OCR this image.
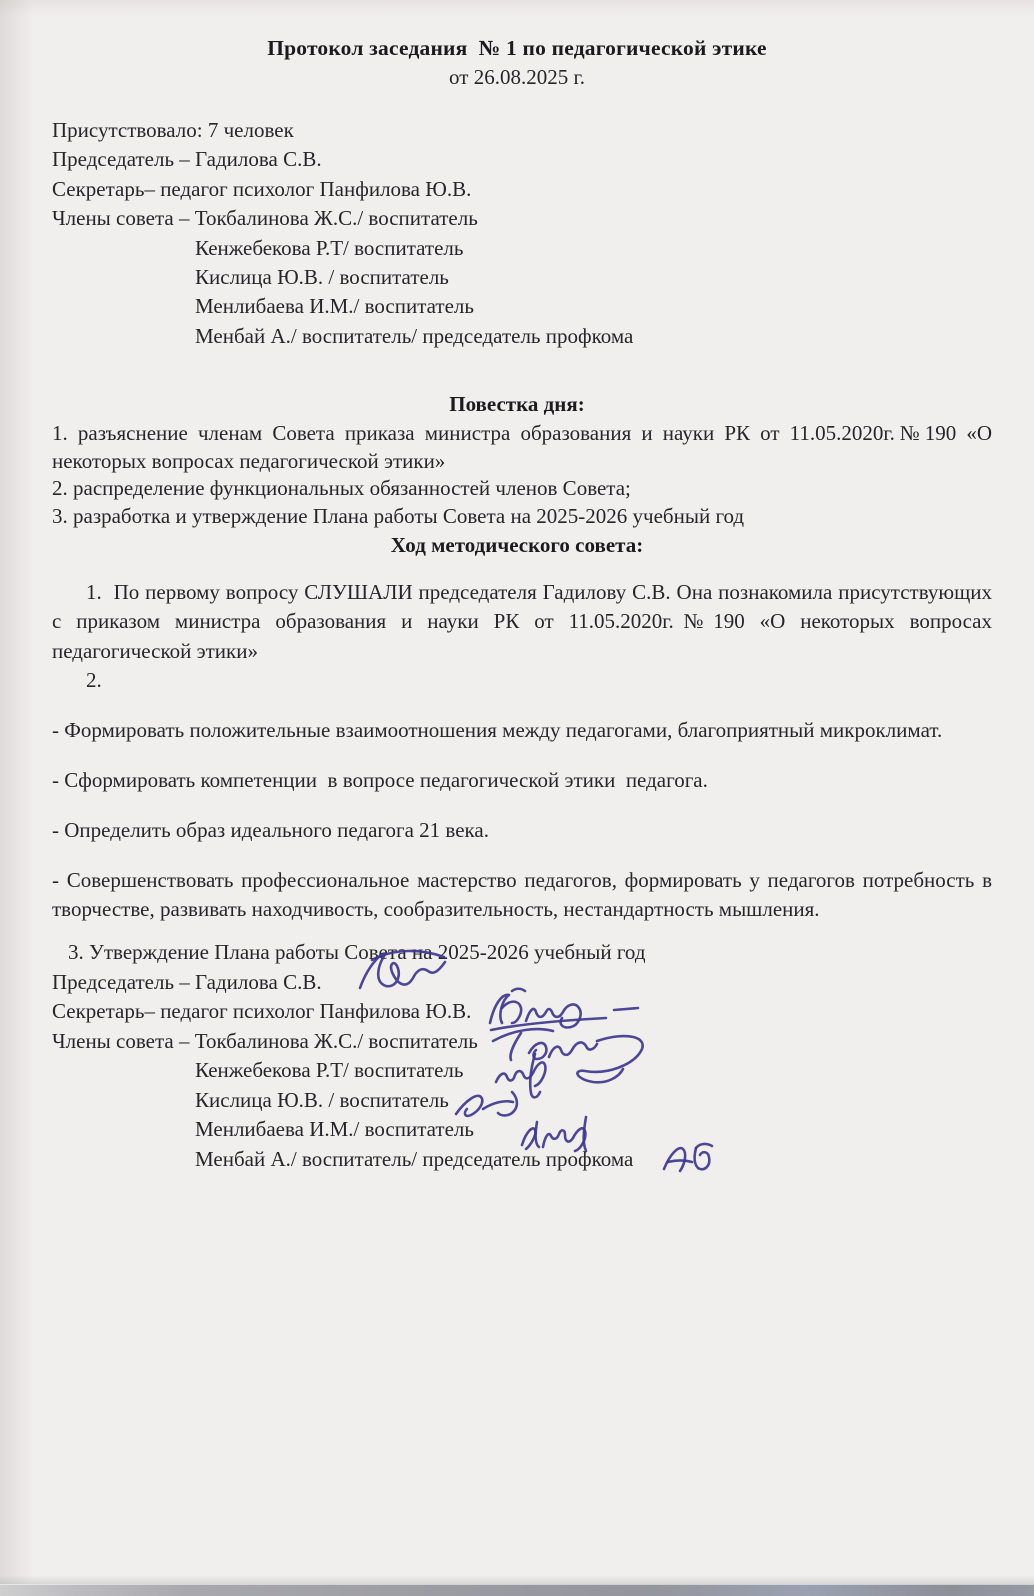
Протокол заседания  № 1 по педагогической этике
от 26.08.2025 г.
Присутствовало: 7 человек
Председатель – Гадилова С.В.
Секретарь– педагог психолог Панфилова Ю.В.
Члены совета – Токбалинова Ж.С./ воспитатель
Кенжебекова Р.Т/ воспитатель
Кислица Ю.В. / воспитатель
Менлибаева И.М./ воспитатель
Менбай А./ воспитатель/ председатель профкома
Повестка дня:
1. разъяснение членам Совета приказа министра образования и науки РК от 11.05.2020г.№190 «О некоторых вопросах педагогической этики»
2. распределение функциональных обязанностей членов Совета;
3. разработка и утверждение Плана работы Совета на 2025-2026 учебный год
Ход методического совета:
1.  По первому вопросу СЛУШАЛИ председателя Гадилову С.В. Она познакомила присутствующих с приказом министра образования и науки РК от 11.05.2020г.№190 «О некоторых вопросах педагогической этики»
2.
- Формировать положительные взаимоотношения между педагогами, благоприятный микроклимат.
- Сформировать компетенции  в вопросе педагогической этики  педагога.
- Определить образ идеального педагога 21 века.
- Совершенствовать профессиональное мастерство педагогов, формировать у педагогов потребность в творчестве, развивать находчивость, сообразительность, нестандартность мышления.
3. Утверждение Плана работы Совета на 2025-2026 учебный год
Председатель – Гадилова С.В.
Секретарь– педагог психолог Панфилова Ю.В.
Члены совета – Токбалинова Ж.С./ воспитатель
Кенжебекова Р.Т/ воспитатель
Кислица Ю.В. / воспитатель
Менлибаева И.М./ воспитатель
Менбай А./ воспитатель/ председатель профкома
